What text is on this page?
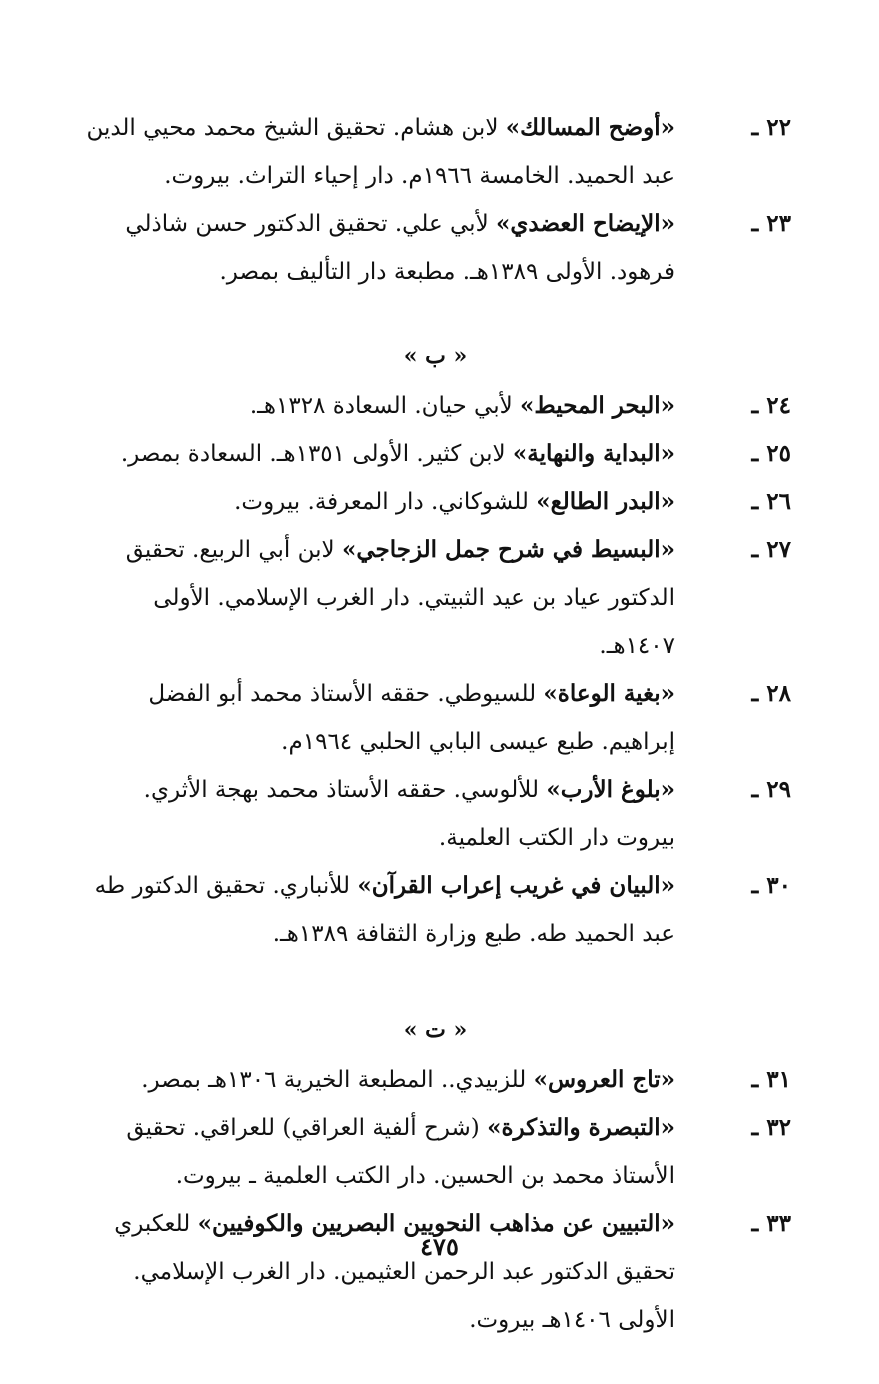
٢٢ ـ
«أوضح المسالك» لابن هشام. تحقيق الشيخ محمد محيي الدين عبد الحميد. الخامسة ١٩٦٦م. دار إحياء التراث. بيروت.
٢٣ ـ
«الإيضاح العضدي» لأبي علي. تحقيق الدكتور حسن شاذلي فرهود. الأولى ١٣٨٩هـ. مطبعة دار التأليف بمصر.
« ب »
٢٤ ـ
«البحر المحيط» لأبي حيان. السعادة ١٣٢٨هـ.
٢٥ ـ
«البداية والنهاية» لابن كثير. الأولى ١٣٥١هـ. السعادة بمصر.
٢٦ ـ
«البدر الطالع» للشوكاني. دار المعرفة. بيروت.
٢٧ ـ
«البسيط في شرح جمل الزجاجي» لابن أبي الربيع. تحقيق الدكتور عياد بن عيد الثبيتي. دار الغرب الإسلامي. الأولى ١٤٠٧هـ.
٢٨ ـ
«بغية الوعاة» للسيوطي. حققه الأستاذ محمد أبو الفضل إبراهيم. طبع عيسى البابي الحلبي ١٩٦٤م.
٢٩ ـ
«بلوغ الأرب» للألوسي. حققه الأستاذ محمد بهجة الأثري. بيروت دار الكتب العلمية.
٣٠ ـ
«البيان في غريب إعراب القرآن» للأنباري. تحقيق الدكتور طه عبد الحميد طه. طبع وزارة الثقافة ١٣٨٩هـ.
« ت »
٣١ ـ
«تاج العروس» للزبيدي.. المطبعة الخيرية ١٣٠٦هـ بمصر.
٣٢ ـ
«التبصرة والتذكرة» (شرح ألفية العراقي) للعراقي. تحقيق الأستاذ محمد بن الحسين. دار الكتب العلمية ـ بيروت.
٣٣ ـ
«التبيين عن مذاهب النحويين البصريين والكوفيين» للعكبري تحقيق الدكتور عبد الرحمن العثيمين. دار الغرب الإسلامي. الأولى ١٤٠٦هـ بيروت.
٤٧٥
